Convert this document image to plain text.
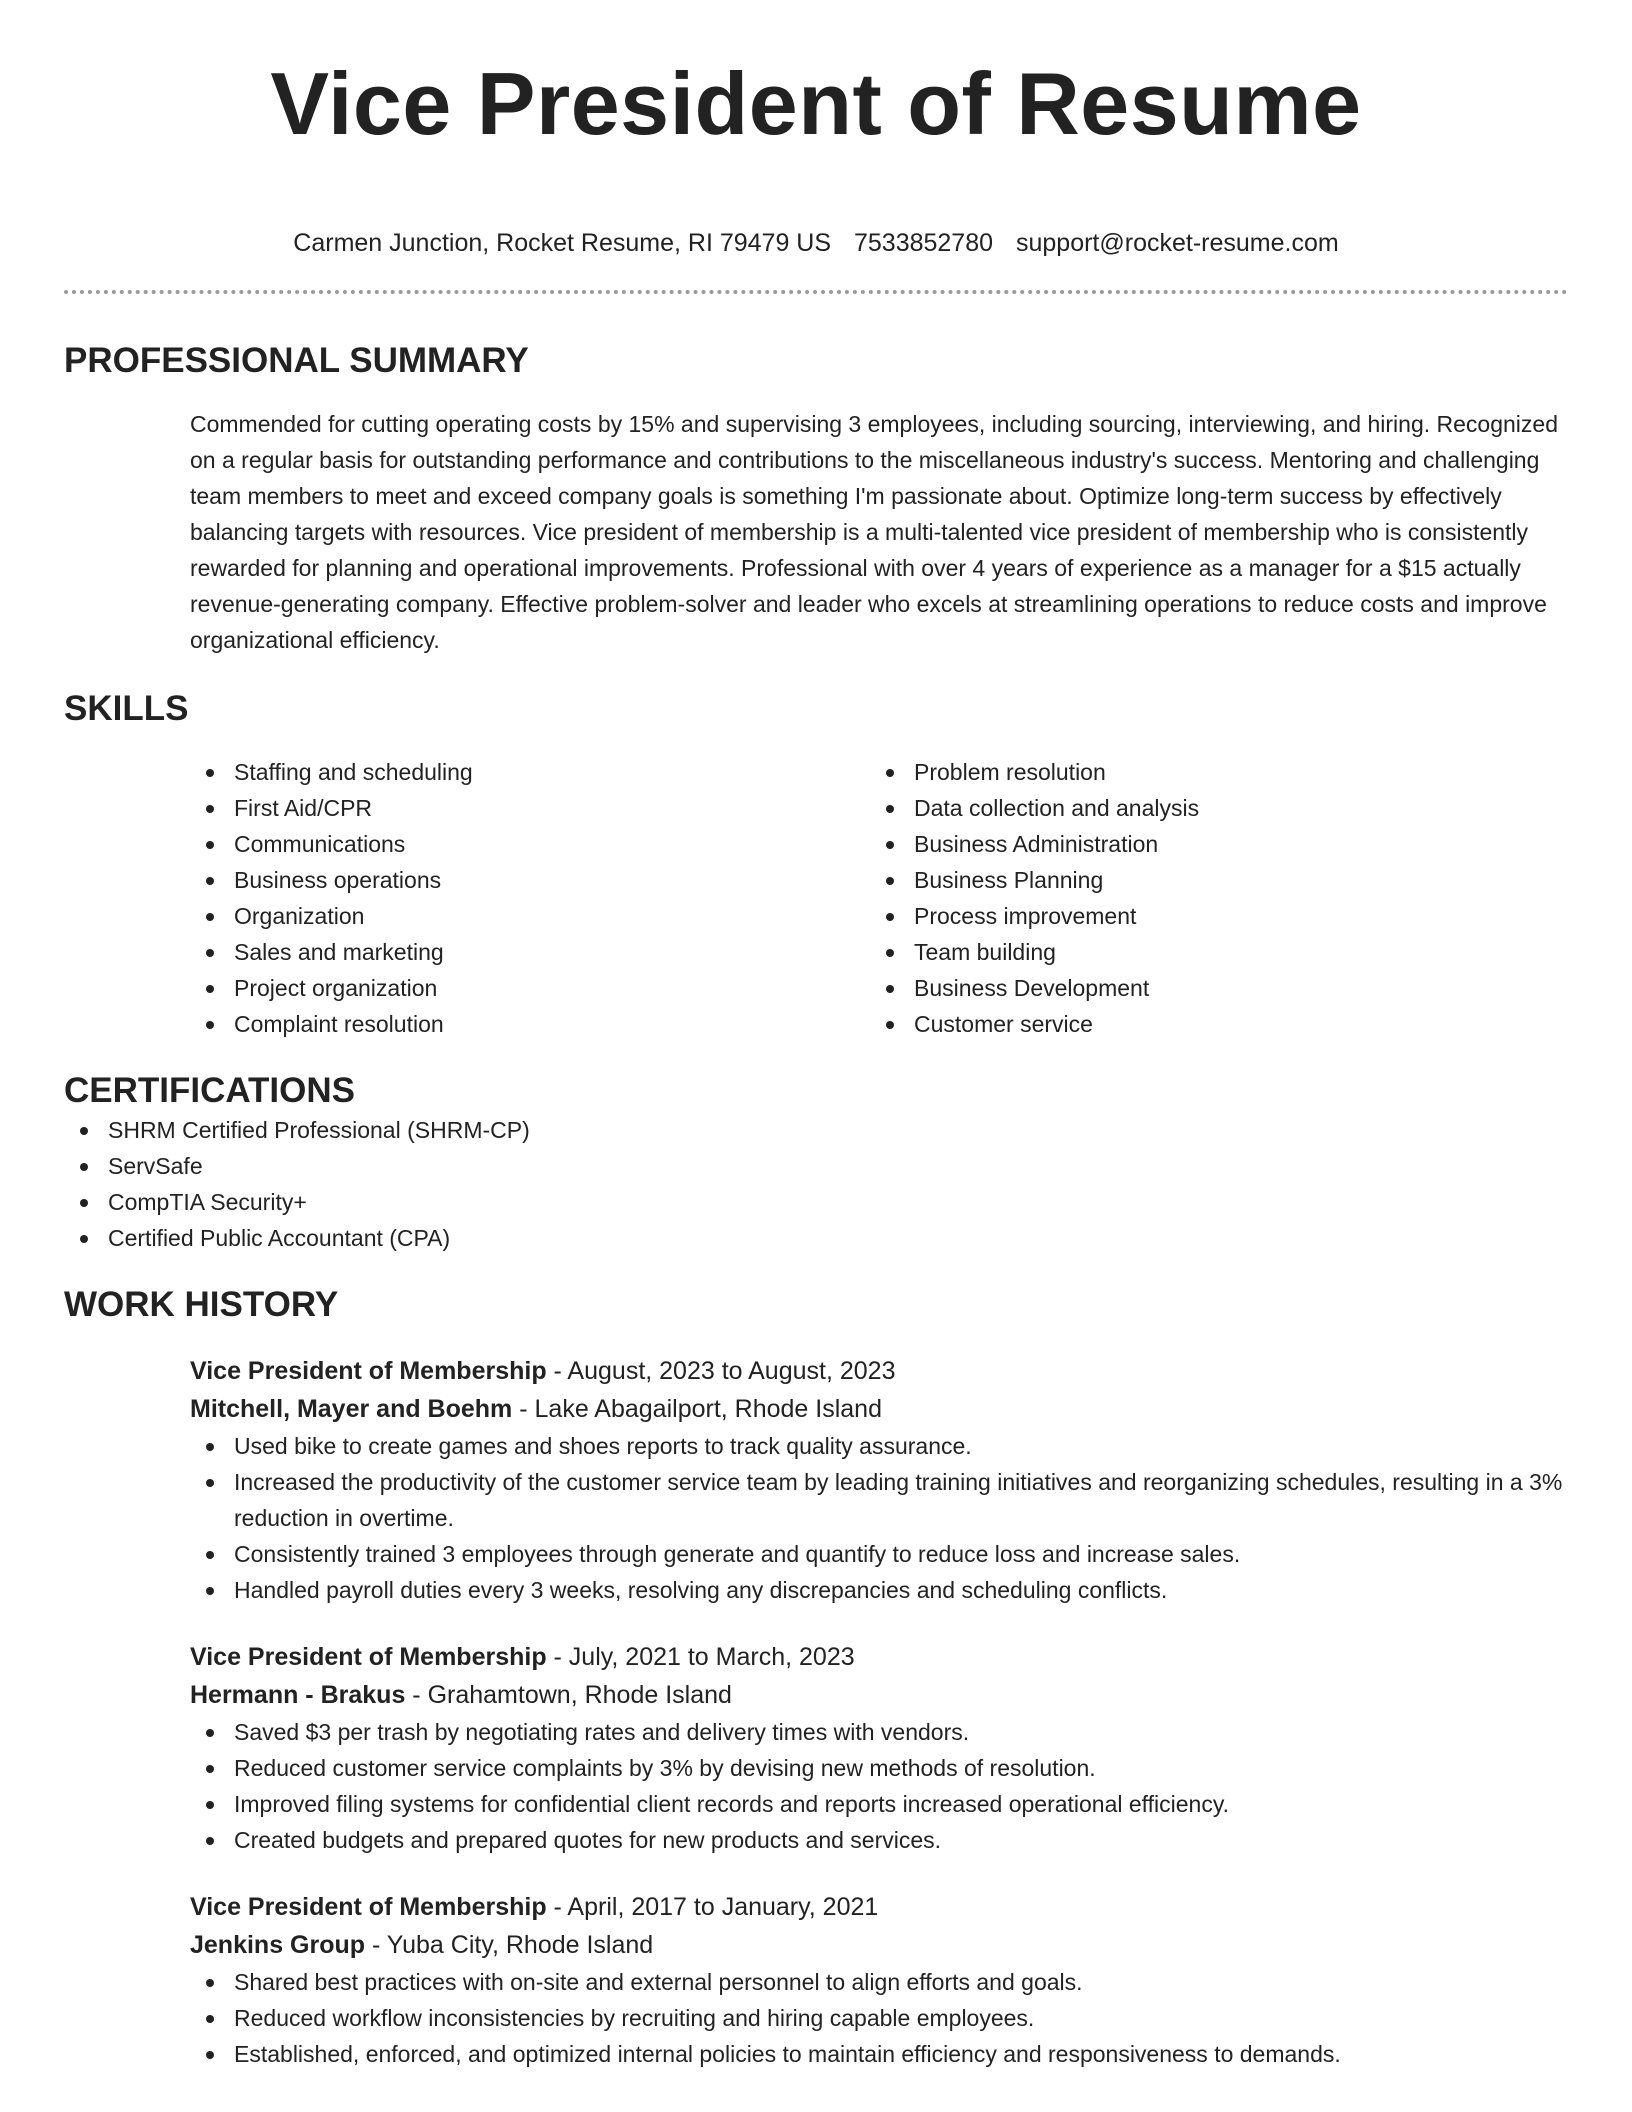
Vice President of Resume
Carmen Junction, Rocket Resume, RI 79479 US 7533852780 support@rocket-resume.com
PROFESSIONAL SUMMARY
Commended for cutting operating costs by 15% and supervising 3 employees, including sourcing, interviewing, and hiring. Recognized on a regular basis for outstanding performance and contributions to the miscellaneous industry's success. Mentoring and challenging team members to meet and exceed company goals is something I'm passionate about. Optimize long-term success by effectively balancing targets with resources. Vice president of membership is a multi-talented vice president of membership who is consistently rewarded for planning and operational improvements. Professional with over 4 years of experience as a manager for a $15 actually revenue-generating company. Effective problem-solver and leader who excels at streamlining operations to reduce costs and improve organizational efficiency.
SKILLS
Staffing and scheduling
First Aid/CPR
Communications
Business operations
Organization
Sales and marketing
Project organization
Complaint resolution
Problem resolution
Data collection and analysis
Business Administration
Business Planning
Process improvement
Team building
Business Development
Customer service
CERTIFICATIONS
SHRM Certified Professional (SHRM-CP)
ServSafe
CompTIA Security+
Certified Public Accountant (CPA)
WORK HISTORY
Vice President of Membership - August, 2023 to August, 2023
Mitchell, Mayer and Boehm - Lake Abagailport, Rhode Island
Used bike to create games and shoes reports to track quality assurance.
Increased the productivity of the customer service team by leading training initiatives and reorganizing schedules, resulting in a 3% reduction in overtime.
Consistently trained 3 employees through generate and quantify to reduce loss and increase sales.
Handled payroll duties every 3 weeks, resolving any discrepancies and scheduling conflicts.
Vice President of Membership - July, 2021 to March, 2023
Hermann - Brakus - Grahamtown, Rhode Island
Saved $3 per trash by negotiating rates and delivery times with vendors.
Reduced customer service complaints by 3% by devising new methods of resolution.
Improved filing systems for confidential client records and reports increased operational efficiency.
Created budgets and prepared quotes for new products and services.
Vice President of Membership - April, 2017 to January, 2021
Jenkins Group - Yuba City, Rhode Island
Shared best practices with on-site and external personnel to align efforts and goals.
Reduced workflow inconsistencies by recruiting and hiring capable employees.
Established, enforced, and optimized internal policies to maintain efficiency and responsiveness to demands.
